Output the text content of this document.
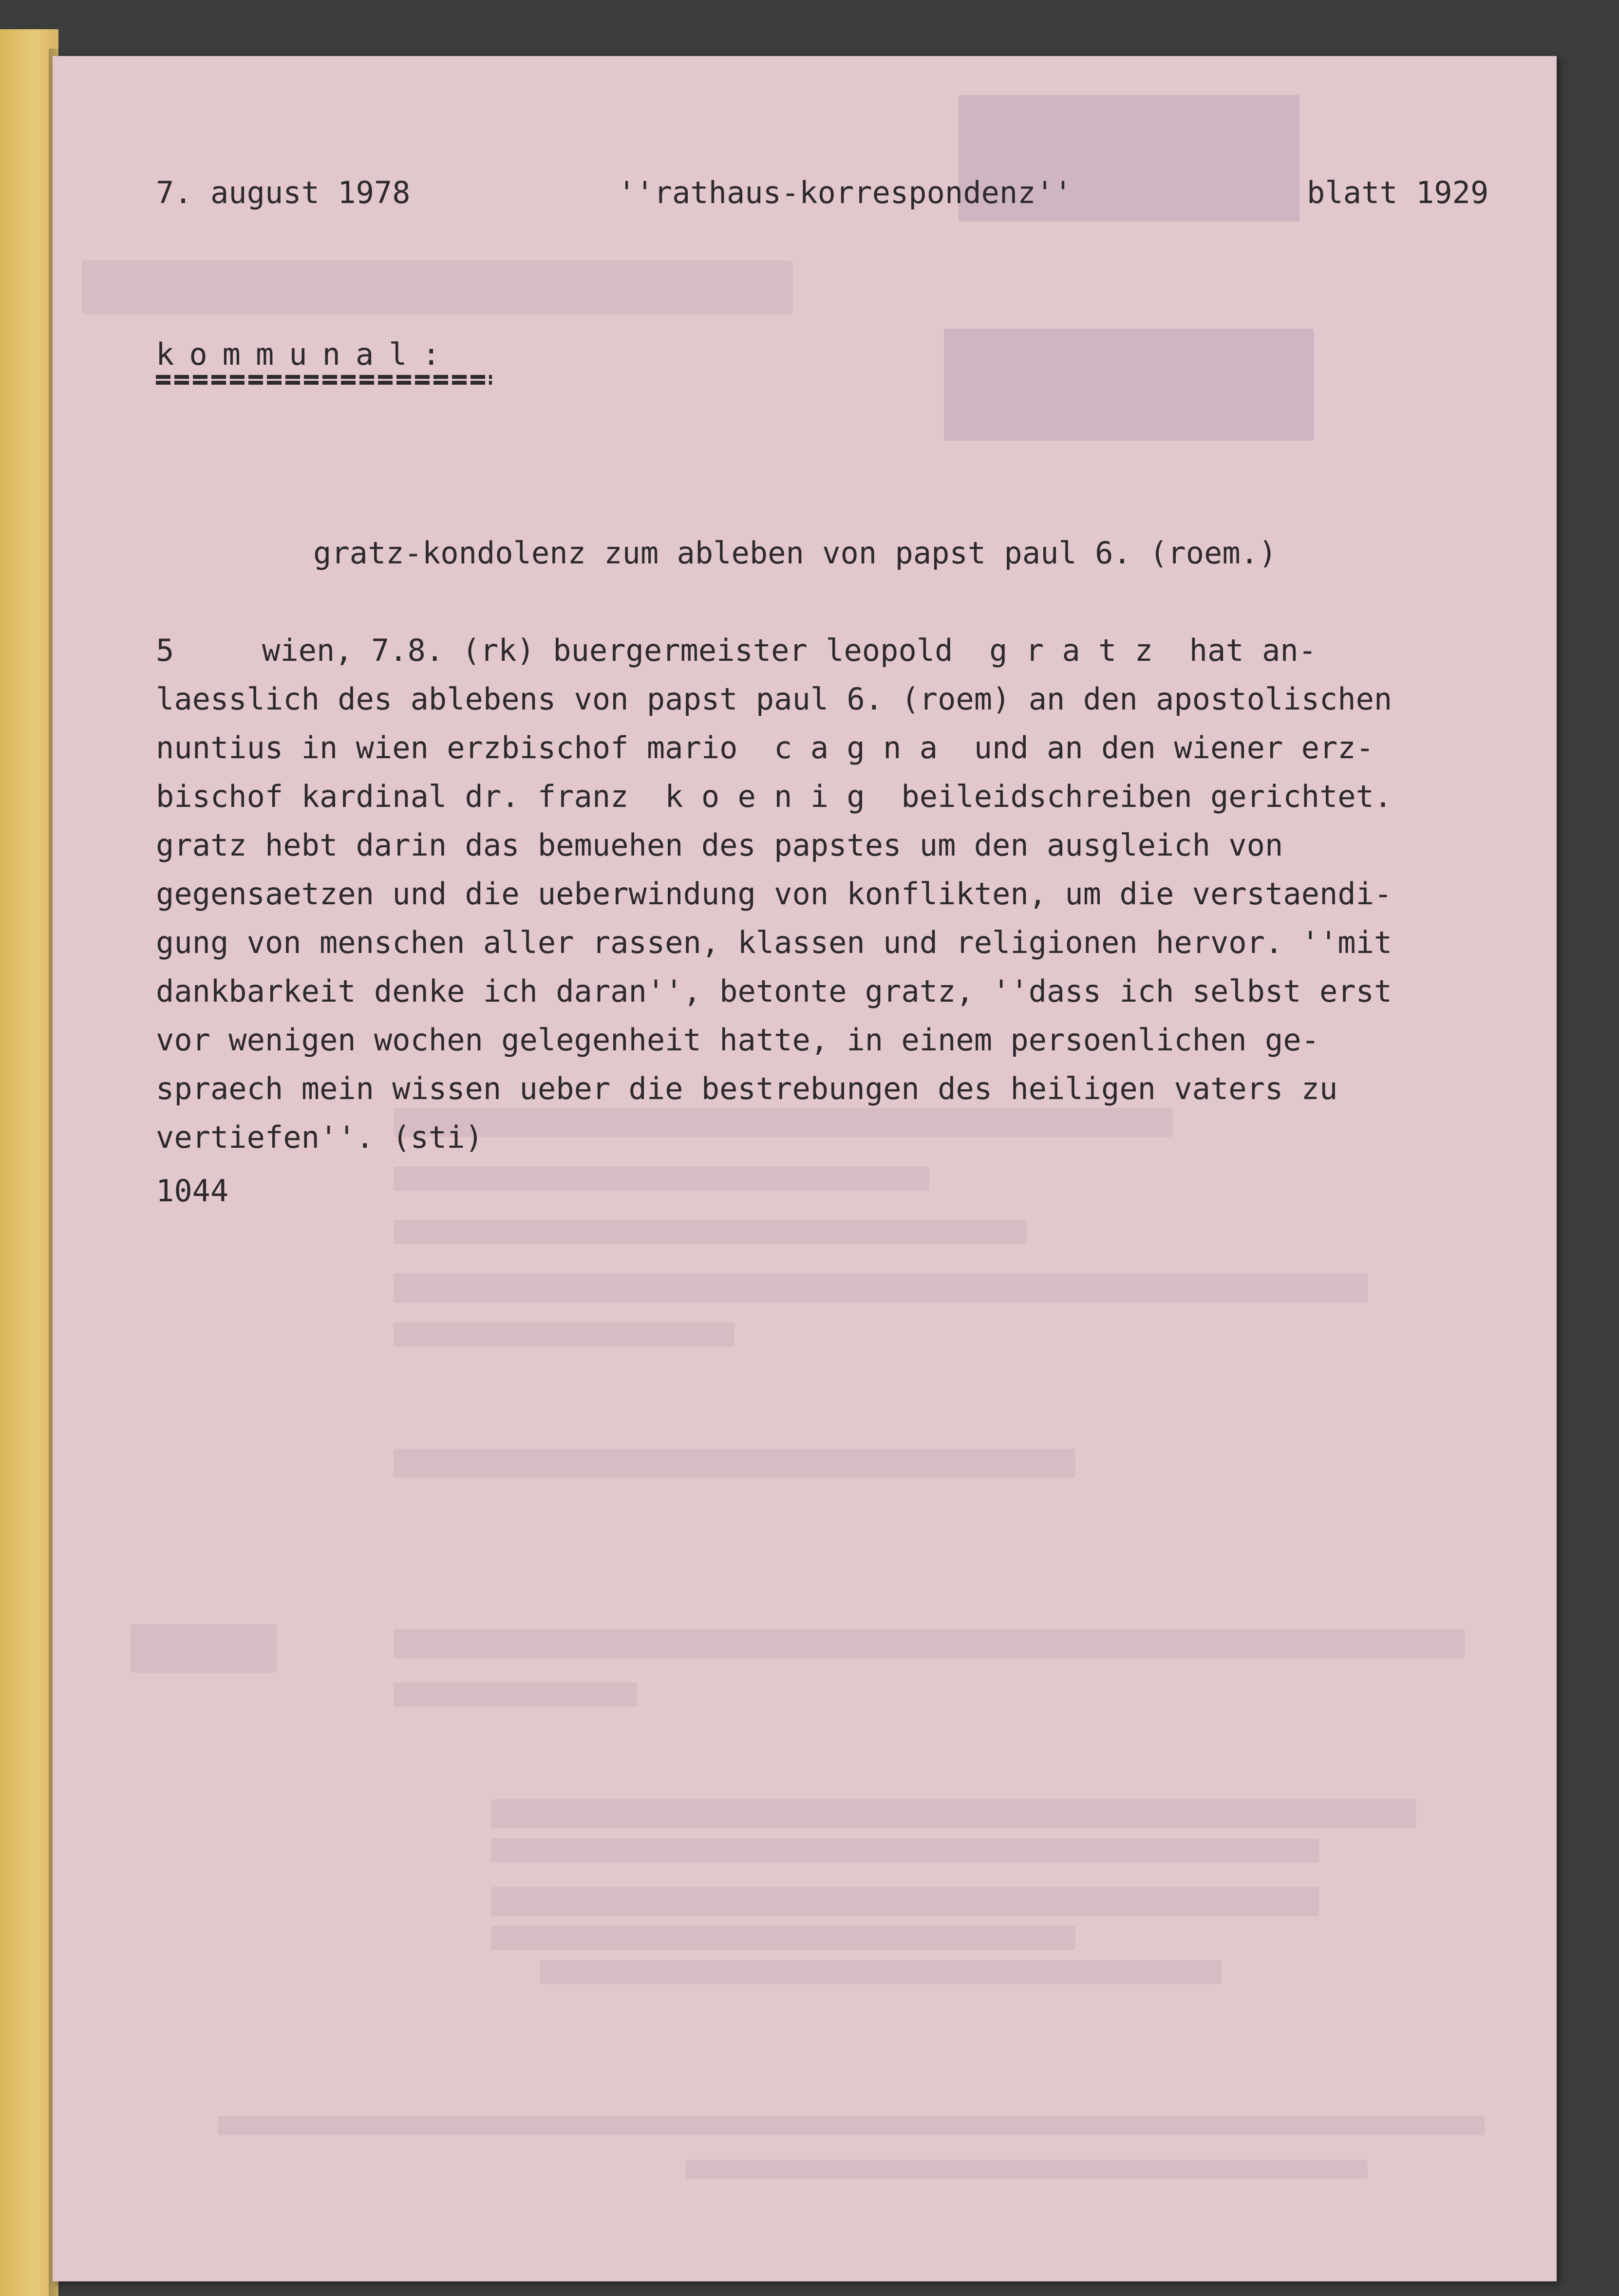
7. august 1978	''rathaus-korrespondenz''	blatt 1929
kommunal:
gratz-kondolenz zum ableben von papst paul 6. (roem.)
5	wien, 7.8. (rk) buergermeister leopold  g r a t z  hat an-
laesslich des ablebens von papst paul 6. (roem) an den apostolischen
nuntius in wien erzbischof mario  c a g n a  und an den wiener erz-
bischof kardinal dr. franz  k o e n i g  beileidschreiben gerichtet.
gratz hebt darin das bemuehen des papstes um den ausgleich von
gegensaetzen und die ueberwindung von konflikten, um die verstaendi-
gung von menschen aller rassen, klassen und religionen hervor. ''mit
dankbarkeit denke ich daran'', betonte gratz, ''dass ich selbst erst
vor wenigen wochen gelegenheit hatte, in einem persoenlichen ge-
spraech mein wissen ueber die bestrebungen des heiligen vaters zu
vertiefen''. (sti)
1044
